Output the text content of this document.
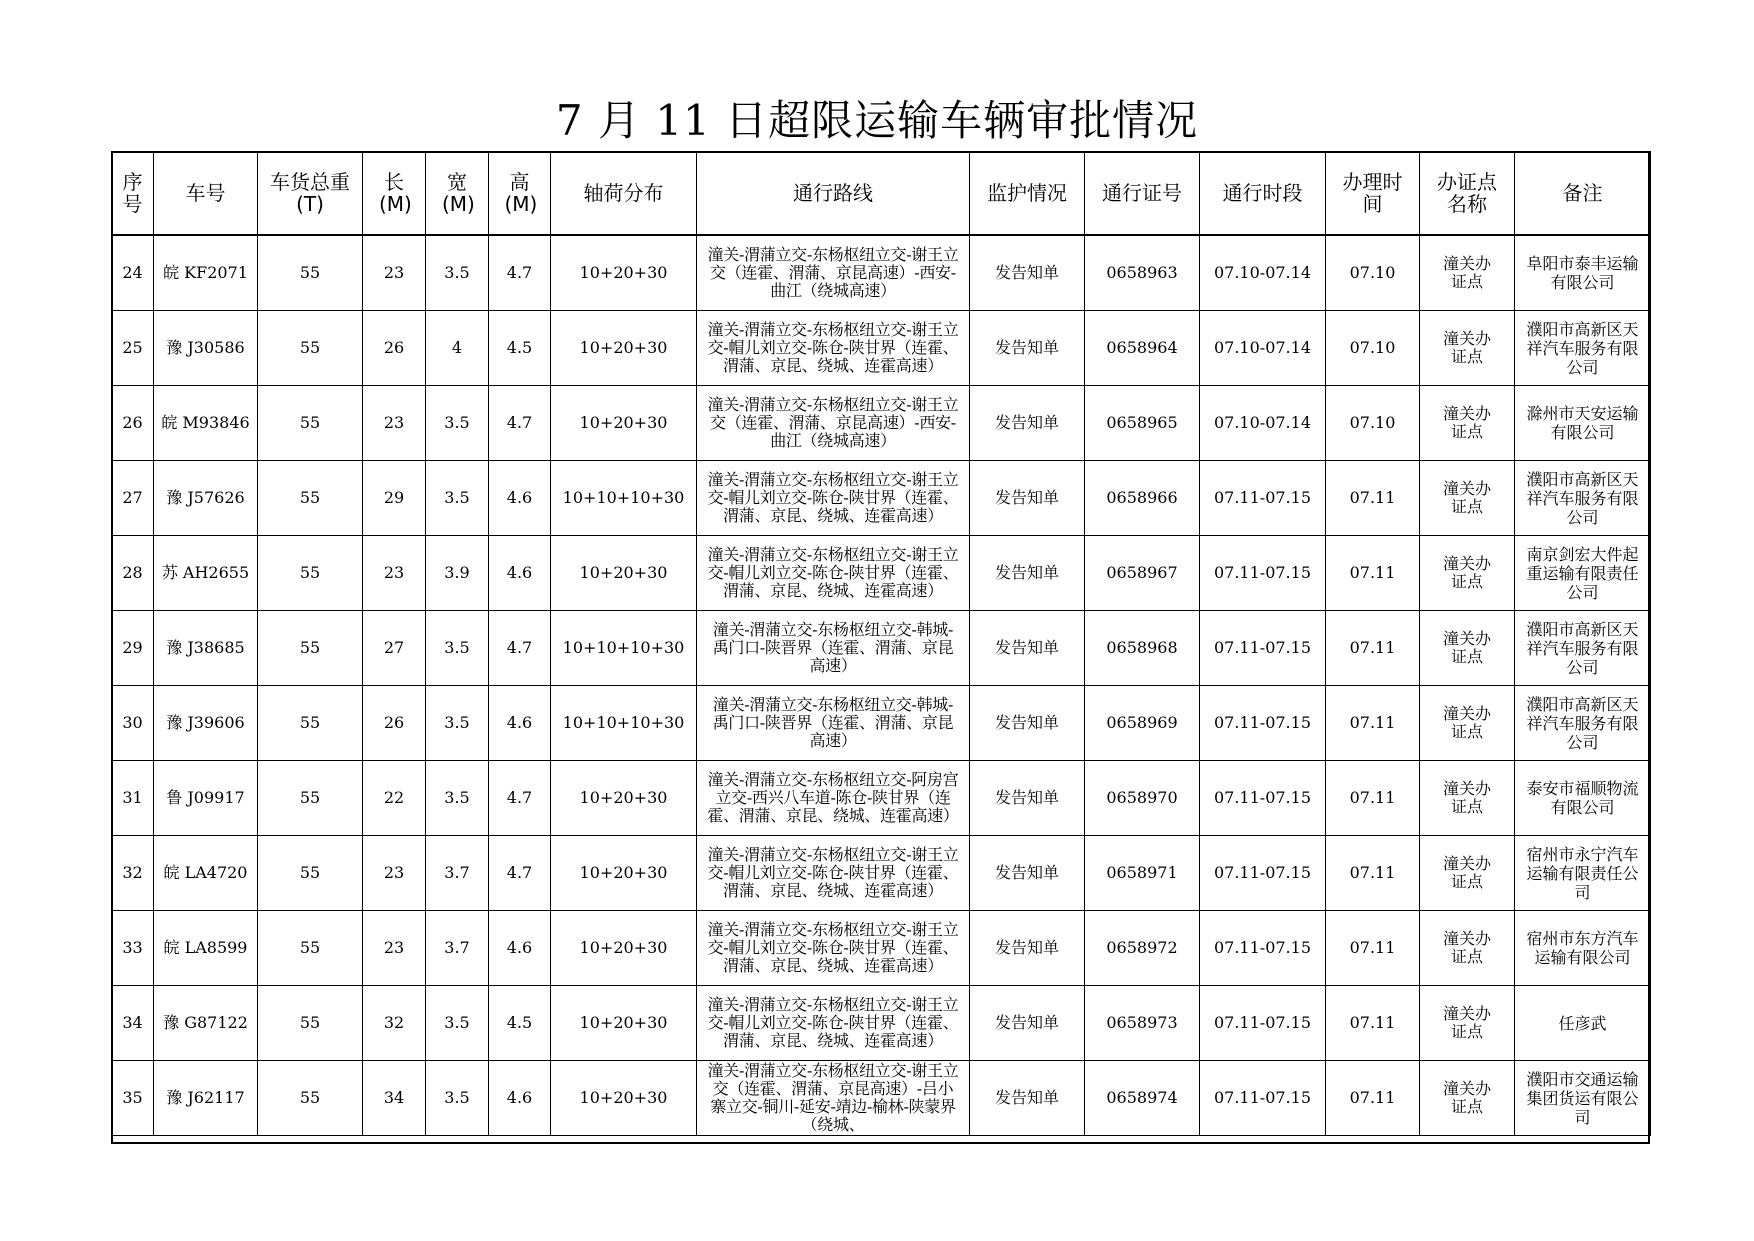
7 月 11 日超限运输车辆审批情况
序号	车号	车货总重(T)	长(M)	宽(M)	高(M)	轴荷分布	通行路线	监护情况	通行证号	通行时段	办理时间	办证点名称	备注
24	皖 KF2071	55	23	3.5	4.7	10+20+30	潼关-渭蒲立交-东杨枢纽立交-谢王立交（连霍、渭蒲、京昆高速）-西安-曲江（绕城高速）	发告知单	0658963	07.10-07.14	07.10	潼关办证点	阜阳市泰丰运输有限公司
25	豫 J30586	55	26	4	4.5	10+20+30	潼关-渭蒲立交-东杨枢纽立交-谢王立交-帽儿刘立交-陈仓-陕甘界（连霍、渭蒲、京昆、绕城、连霍高速）	发告知单	0658964	07.10-07.14	07.10	潼关办证点	濮阳市高新区天祥汽车服务有限公司
26	皖 M93846	55	23	3.5	4.7	10+20+30	潼关-渭蒲立交-东杨枢纽立交-谢王立交（连霍、渭蒲、京昆高速）-西安-曲江（绕城高速）	发告知单	0658965	07.10-07.14	07.10	潼关办证点	滁州市天安运输有限公司
27	豫 J57626	55	29	3.5	4.6	10+10+10+30	潼关-渭蒲立交-东杨枢纽立交-谢王立交-帽儿刘立交-陈仓-陕甘界（连霍、渭蒲、京昆、绕城、连霍高速）	发告知单	0658966	07.11-07.15	07.11	潼关办证点	濮阳市高新区天祥汽车服务有限公司
28	苏 AH2655	55	23	3.9	4.6	10+20+30	潼关-渭蒲立交-东杨枢纽立交-谢王立交-帽儿刘立交-陈仓-陕甘界（连霍、渭蒲、京昆、绕城、连霍高速）	发告知单	0658967	07.11-07.15	07.11	潼关办证点	南京剑宏大件起重运输有限责任公司
29	豫 J38685	55	27	3.5	4.7	10+10+10+30	潼关-渭蒲立交-东杨枢纽立交-韩城-禹门口-陕晋界（连霍、渭蒲、京昆高速）	发告知单	0658968	07.11-07.15	07.11	潼关办证点	濮阳市高新区天祥汽车服务有限公司
30	豫 J39606	55	26	3.5	4.6	10+10+10+30	潼关-渭蒲立交-东杨枢纽立交-韩城-禹门口-陕晋界（连霍、渭蒲、京昆高速）	发告知单	0658969	07.11-07.15	07.11	潼关办证点	濮阳市高新区天祥汽车服务有限公司
31	鲁 J09917	55	22	3.5	4.7	10+20+30	潼关-渭蒲立交-东杨枢纽立交-阿房宫立交-西兴八车道-陈仓-陕甘界（连霍、渭蒲、京昆、绕城、连霍高速）	发告知单	0658970	07.11-07.15	07.11	潼关办证点	泰安市福顺物流有限公司
32	皖 LA4720	55	23	3.7	4.7	10+20+30	潼关-渭蒲立交-东杨枢纽立交-谢王立交-帽儿刘立交-陈仓-陕甘界（连霍、渭蒲、京昆、绕城、连霍高速）	发告知单	0658971	07.11-07.15	07.11	潼关办证点	宿州市永宁汽车运输有限责任公司
33	皖 LA8599	55	23	3.7	4.6	10+20+30	潼关-渭蒲立交-东杨枢纽立交-谢王立交-帽儿刘立交-陈仓-陕甘界（连霍、渭蒲、京昆、绕城、连霍高速）	发告知单	0658972	07.11-07.15	07.11	潼关办证点	宿州市东方汽车运输有限公司
34	豫 G87122	55	32	3.5	4.5	10+20+30	潼关-渭蒲立交-东杨枢纽立交-谢王立交-帽儿刘立交-陈仓-陕甘界（连霍、渭蒲、京昆、绕城、连霍高速）	发告知单	0658973	07.11-07.15	07.11	潼关办证点	任彦武
35	豫 J62117	55	34	3.5	4.6	10+20+30	潼关-渭蒲立交-东杨枢纽立交-谢王立交（连霍、渭蒲、京昆高速）-吕小寨立交-铜川-延安-靖边-榆林-陕蒙界（绕城、	发告知单	0658974	07.11-07.15	07.11	潼关办证点	濮阳市交通运输集团货运有限公司
